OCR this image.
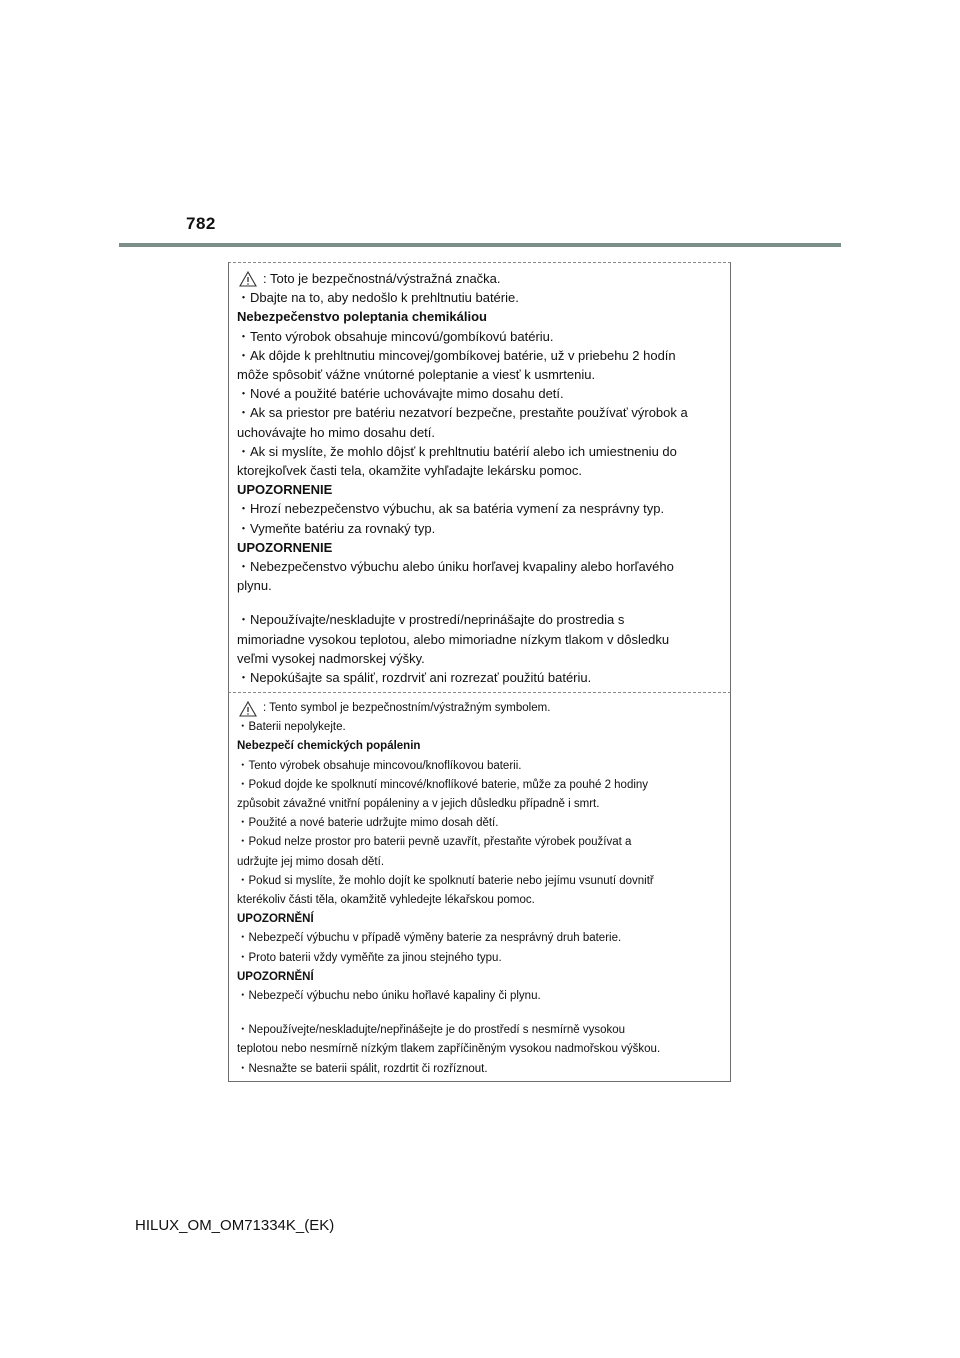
782
: Toto je bezpečnostná/výstražná značka.
・Dbajte na to, aby nedošlo k prehltnutiu batérie.
Nebezpečenstvo poleptania chemikáliou
・Tento výrobok obsahuje mincovú/gombíkovú batériu.
・Ak dôjde k prehltnutiu mincovej/gombíkovej batérie, už v priebehu 2 hodín
môže spôsobiť vážne vnútorné poleptanie a viesť k usmrteniu.
・Nové a použité batérie uchovávajte mimo dosahu detí.
・Ak sa priestor pre batériu nezatvorí bezpečne, prestaňte používať výrobok a
uchovávajte ho mimo dosahu detí.
・Ak si myslíte, že mohlo dôjsť k prehltnutiu batérií alebo ich umiestneniu do
ktorejkoľvek časti tela, okamžite vyhľadajte lekársku pomoc.
UPOZORNENIE
・Hrozí nebezpečenstvo výbuchu, ak sa batéria vymení za nesprávny typ.
・Vymeňte batériu za rovnaký typ.
UPOZORNENIE
・Nebezpečenstvo výbuchu alebo úniku horľavej kvapaliny alebo horľavého
plynu.
・Nepoužívajte/neskladujte v prostredí/neprinášajte do prostredia s
mimoriadne vysokou teplotou, alebo mimoriadne nízkym tlakom v dôsledku
veľmi vysokej nadmorskej výšky.
・Nepokúšajte sa spáliť, rozdrviť ani rozrezať použitú batériu.
: Tento symbol je bezpečnostním/výstražným symbolem.
・Baterii nepolykejte.
Nebezpečí chemických popálenin
・Tento výrobek obsahuje mincovou/knoflíkovou baterii.
・Pokud dojde ke spolknutí mincové/knoflíkové baterie, může za pouhé 2 hodiny
způsobit závažné vnitřní popáleniny a v jejich důsledku případně i smrt.
・Použité a nové baterie udržujte mimo dosah dětí.
・Pokud nelze prostor pro baterii pevně uzavřít, přestaňte výrobek používat a
udržujte jej mimo dosah dětí.
・Pokud si myslíte, že mohlo dojít ke spolknutí baterie nebo jejímu vsunutí dovnitř
kterékoliv části těla, okamžitě vyhledejte lékařskou pomoc.
UPOZORNĚNÍ
・Nebezpečí výbuchu v případě výměny baterie za nesprávný druh baterie.
・Proto baterii vždy vyměňte za jinou stejného typu.
UPOZORNĚNÍ
・Nebezpečí výbuchu nebo úniku hořlavé kapaliny či plynu.
・Nepoužívejte/neskladujte/nepřinášejte je do prostředí s nesmírně vysokou
teplotou nebo nesmírně nízkým tlakem zapříčiněným vysokou nadmořskou výškou.
・Nesnažte se baterii spálit, rozdrtit či rozříznout.
HILUX_OM_OM71334K_(EK)
